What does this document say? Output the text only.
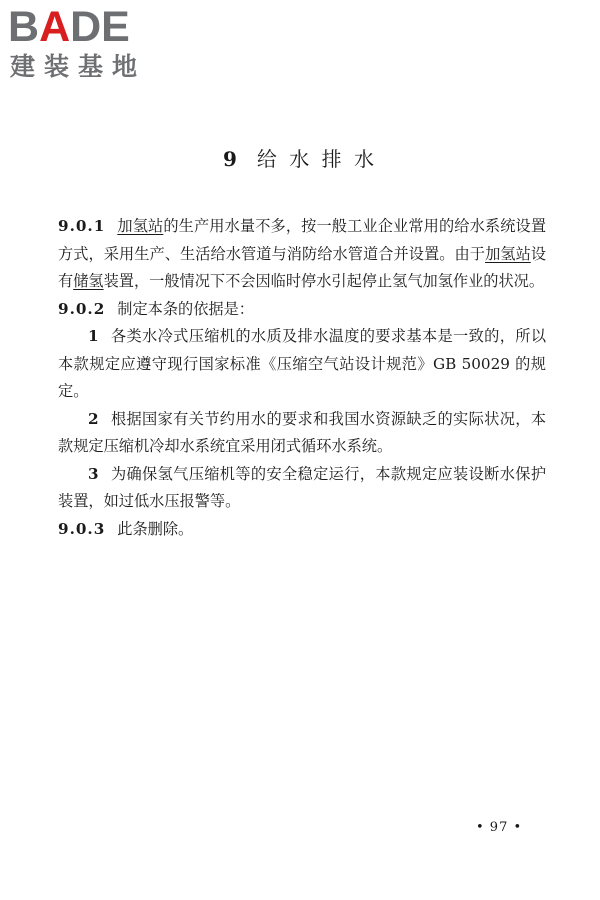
BADE
建装基地
9 给 水 排 水

9.0.1 加氢站的生产用水量不多，按一般工业企业常用的给水系统设置方式，采用生产、生活给水管道与消防给水管道合并设置。由于加氢站设有储氢装置，一般情况下不会因临时停水引起停止氢气加氢作业的状况。

9.0.2 制定本条的依据是：

1 各类水冷式压缩机的水质及排水温度的要求基本是一致的，所以本款规定应遵守现行国家标准《压缩空气站设计规范》GB 50029 的规定。

2 根据国家有关节约用水的要求和我国水资源缺乏的实际状况，本款规定压缩机冷却水系统宜采用闭式循环水系统。

3 为确保氢气压缩机等的安全稳定运行，本款规定应装设断水保护装置，如过低水压报警等。

9.0.3 此条删除。

• 97 •
